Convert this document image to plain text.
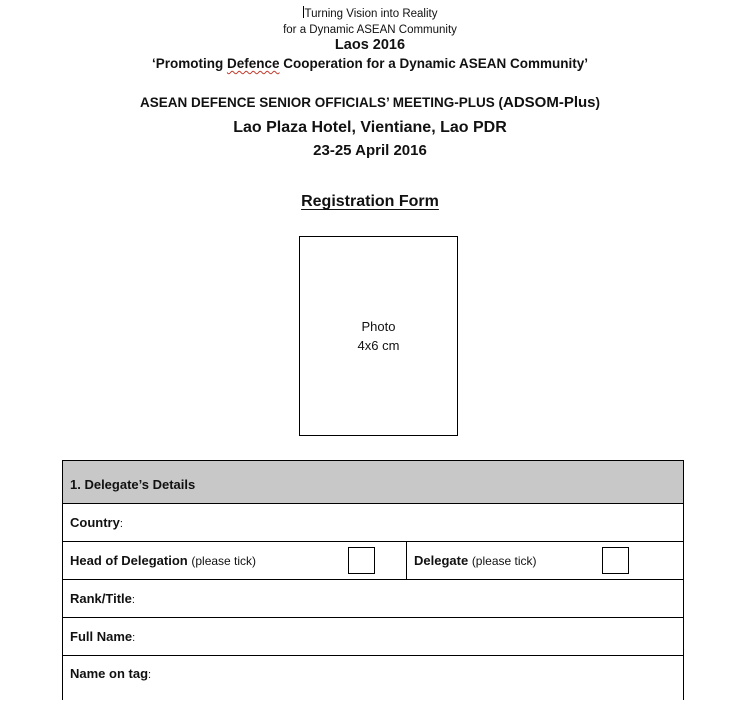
Turning Vision into Reality
for a Dynamic ASEAN Community
Laos 2016
‘Promoting Defence Cooperation for a Dynamic ASEAN Community’
ASEAN DEFENCE SENIOR OFFICIALS’ MEETING-PLUS (ADSOM-Plus)
Lao Plaza Hotel, Vientiane, Lao PDR
23-25 April 2016
Registration Form
Photo
4x6 cm
1. Delegate’s Details
Country:
Head of Delegation (please tick)	Delegate (please tick)
Rank/Title:
Full Name:
Name on tag:
